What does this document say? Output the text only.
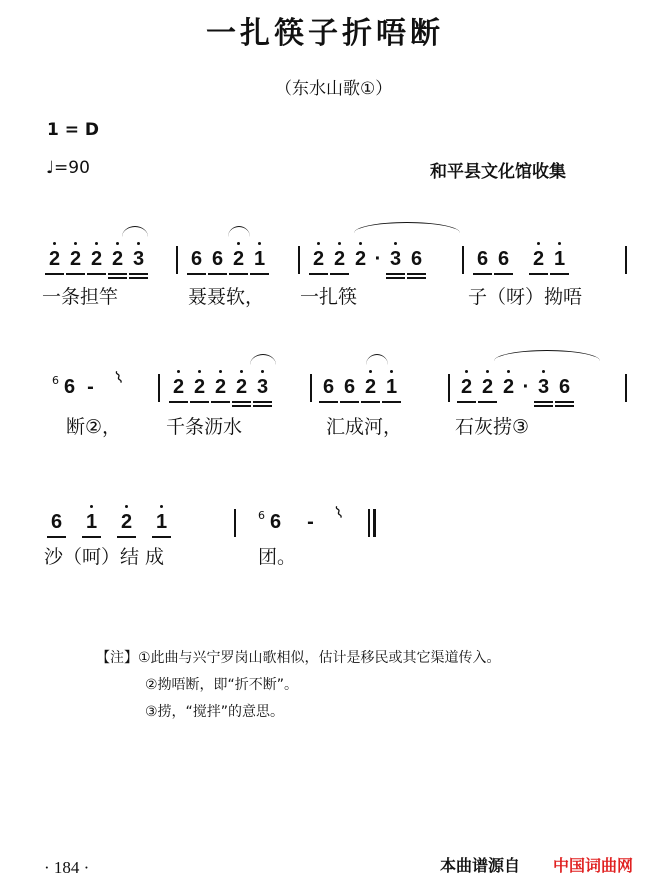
一扎筷子折唔断
（东水山歌①）
1 = D
♩=90	和平县文化馆收集
2 2 2 2 3 6 6 2 1 2 2 2 · 3 6	6 6 2 1
一条担竿	聂聂软， 一扎筷	子（呀）拗唔
6 6 -	⌇ 2 2 2 2 3	6 6 2 1	2 2 2 · 3 6
断②， 千条沥水	汇成河，	石灰捞③
6 1 2 1	6 6	-	⌇
沙（呵）结 成	团。
【注】①此曲与兴宁罗岗山歌相似，估计是移民或其它渠道传入。
②拗唔断，即“折不断”。
③捞，“搅拌”的意思。
· 184 ·	本曲谱源自 中国词曲网
